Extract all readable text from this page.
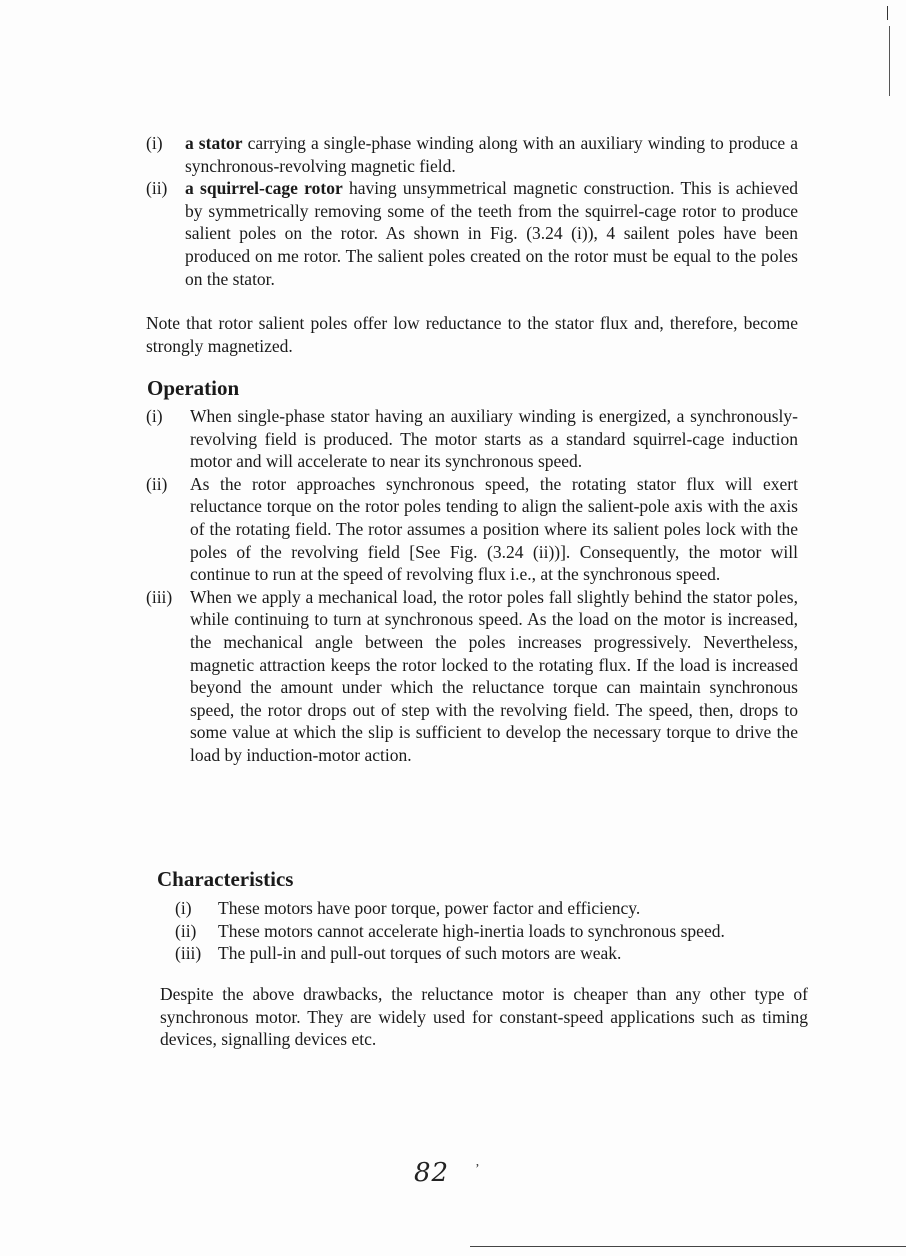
(i)	a stator carrying a single-phase winding along with an auxiliary winding to produce a synchronous-revolving magnetic field.
(ii)	a squirrel-cage rotor having unsymmetrical magnetic construction. This is achieved by symmetrically removing some of the teeth from the squirrel-cage rotor to produce salient poles on the rotor. As shown in Fig. (3.24 (i)), 4 sailent poles have been produced on me rotor. The salient poles created on the rotor must be equal to the poles on the stator.

Note that rotor salient poles offer low reductance to the stator flux and, therefore, become strongly magnetized.

Operation
(i)	When single-phase stator having an auxiliary winding is energized, a synchronously-revolving field is produced. The motor starts as a standard squirrel-cage induction motor and will accelerate to near its synchronous speed.
(ii)	As the rotor approaches synchronous speed, the rotating stator flux will exert reluctance torque on the rotor poles tending to align the salient-pole axis with the axis of the rotating field. The rotor assumes a position where its salient poles lock with the poles of the revolving field [See Fig. (3.24 (ii))]. Consequently, the motor will continue to run at the speed of revolving flux i.e., at the synchronous speed.
(iii)	When we apply a mechanical load, the rotor poles fall slightly behind the stator poles, while continuing to turn at synchronous speed. As the load on the motor is increased, the mechanical angle between the poles increases progressively. Nevertheless, magnetic attraction keeps the rotor locked to the rotating flux. If the load is increased beyond the amount under which the reluctance torque can maintain synchronous speed, the rotor drops out of step with the revolving field. The speed, then, drops to some value at which the slip is sufficient to develop the necessary torque to drive the load by induction-motor action.
Characteristics
(i)	These motors have poor torque, power factor and efficiency.
(ii)	These motors cannot accelerate high-inertia loads to synchronous speed.
(iii) The pull-in and pull-out torques of such motors are weak.

Despite the above drawbacks, the reluctance motor is cheaper than any other type of synchronous motor. They are widely used for constant-speed applications such as timing devices, signalling devices etc.

82 ʼ
